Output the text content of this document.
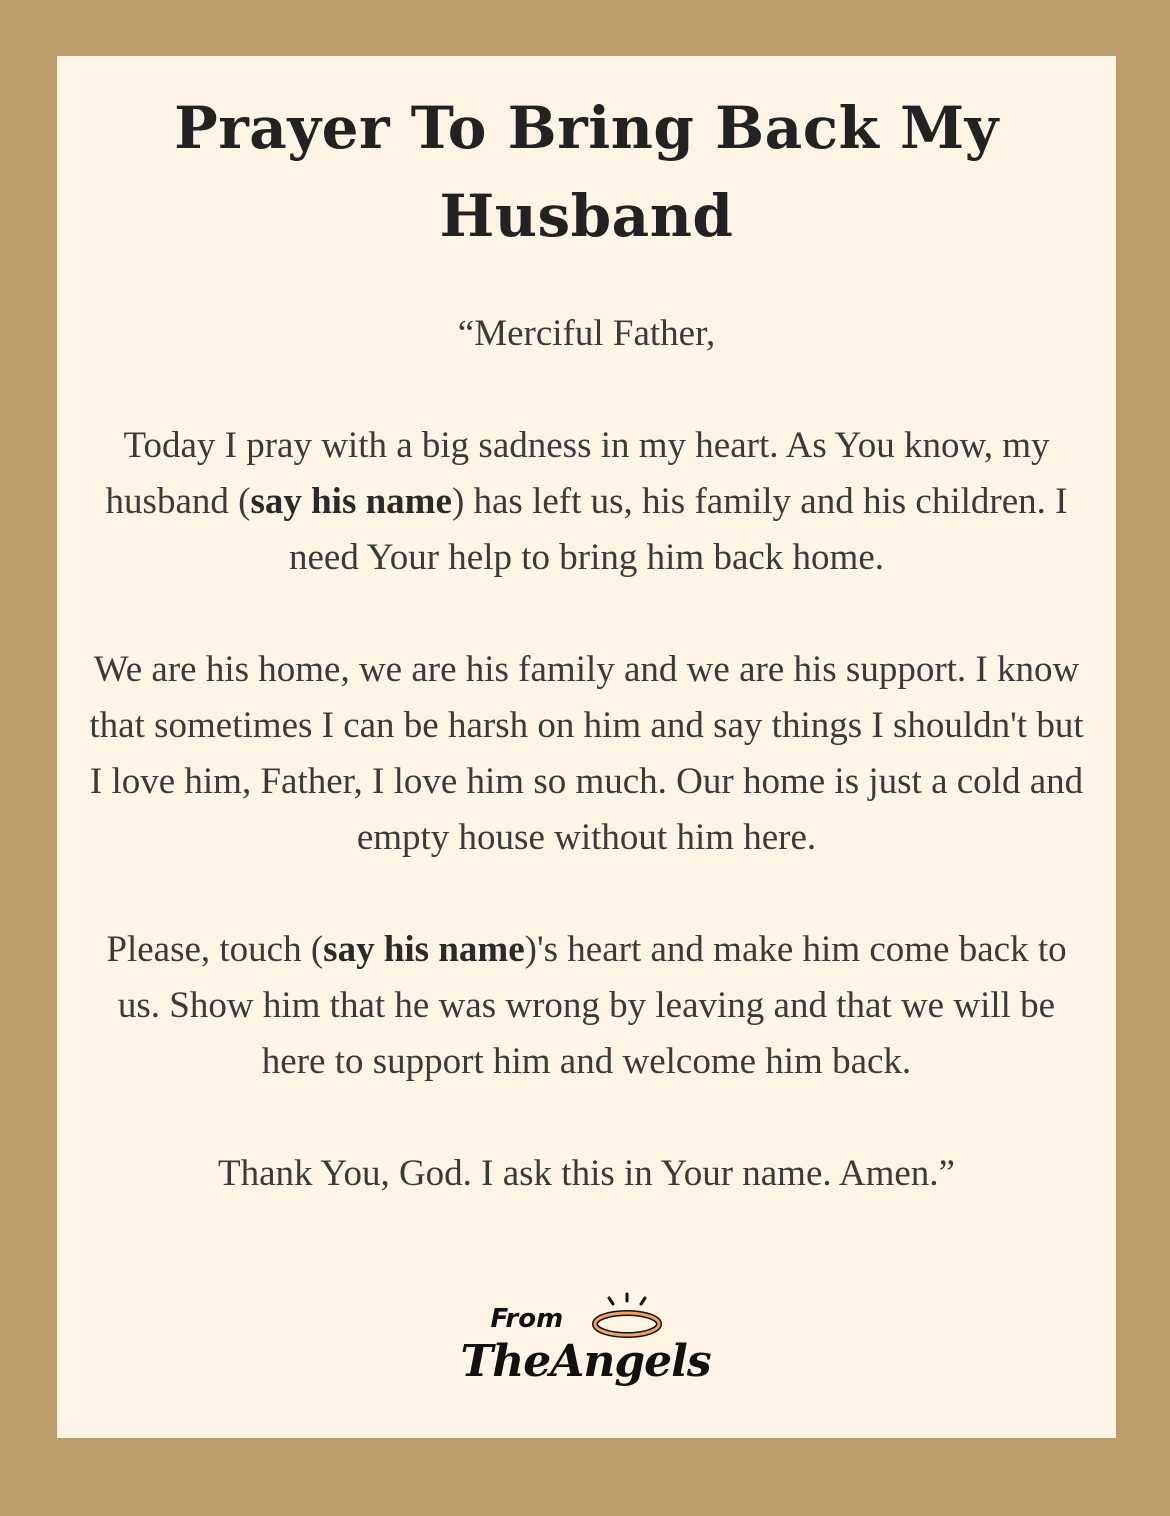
Prayer To Bring Back My Husband

“Merciful Father,

Today I pray with a big sadness in my heart. As You know, my husband (say his name) has left us, his family and his children. I need Your help to bring him back home.

We are his home, we are his family and we are his support. I know that sometimes I can be harsh on him and say things I shouldn't but I love him, Father, I love him so much. Our home is just a cold and empty house without him here.

Please, touch (say his name)'s heart and make him come back to us. Show him that he was wrong by leaving and that we will be here to support him and welcome him back.

Thank You, God. I ask this in Your name. Amen.”

From
TheAngels
